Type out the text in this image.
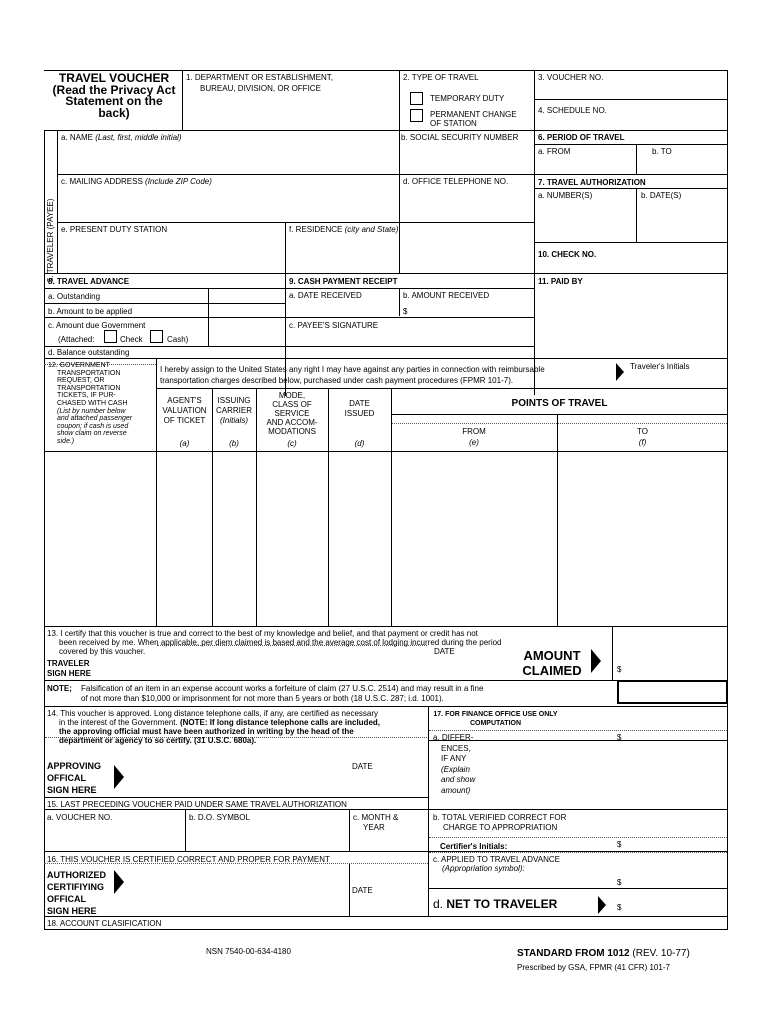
TRAVEL VOUCHER
(Read the Privacy Act
Statement on the
back)
1. DEPARTMENT OR ESTABLISHMENT,
BUREAU, DIVISION, OR OFFICE
2. TYPE OF TRAVEL
TEMPORARY DUTY
PERMANENT CHANGE
OF STATION
3. VOUCHER NO.
4. SCHEDULE NO.
5. TRAVELER (PAYEE)
a. NAME (Last, first, middle initial)	b. SOCIAL SECURITY NUMBER
c. MAILING ADDRESS (Include ZIP Code)	d. OFFICE TELEPHONE NO.
e. PRESENT DUTY STATION	f. RESIDENCE (city and State)
6. PERIOD OF TRAVEL
a. FROM	b. TO
7. TRAVEL AUTHORIZATION
a. NUMBER(S)	b. DATE(S)
10. CHECK NO.
8. TRAVEL ADVANCE
a. Outstanding
b. Amount to be applied
c. Amount due Government
(Attached:	Check	Cash)
d. Balance outstanding
9. CASH PAYMENT RECEIPT
a. DATE RECEIVED	b. AMOUNT RECEIVED
$
c. PAYEE'S SIGNATURE
11. PAID BY
12. GOVERNMENT
TRANSPORTATION
REQUEST, OR
TRANSPORTATION
TICKETS, IF PUR-
CHASED WITH CASH
(List by number below
and attached passenger
coupon; if cash is used
show claim on reverse
side.)
I hereby assign to the United States any right I may have against any parties in connection with reimbursable
transportation charges described below, purchased under cash payment procedures (FPMR 101-7).
Traveler's Initials
AGENT'S
VALUATION
OF TICKET
(a)
ISSUING
CARRIER
(Initials)
(b)
MODE,
CLASS OF
SERVICE
AND ACCOM-
MODATIONS
(c)
DATE
ISSUED
(d)
POINTS OF TRAVEL
FROM
(e)
TO
(f)
13. I certify that this voucher is true and correct to the best of my knowledge and belief, and that payment or credit has not
been received by me. When applicable, per diem claimed is based and the average cost of lodging incurred during the period
covered by this voucher.	DATE
TRAVELER
SIGN HERE
AMOUNT
CLAIMED	$
NOTE; Falsification of an item in an expense account works a forfeiture of claim (27 U.S.C. 2514) and may result in a fine
of not more than $10,000 or imprisonment for not more than 5 years or both (18 U.S.C. 287; i.d. 1001).
14. This voucher is approved. Long distance telephone calls, if any, are certified as necessary
in the interest of the Government. (NOTE: If long distance telephone calls are included,
the approving official must have been authorized in writing by the head of the
department or agency to so certify. (31 U.S.C. 680a).
APPROVING
OFFICAL
SIGN HERE
DATE
17. FOR FINANCE OFFICE USE ONLY
COMPUTATION
a. DIFFER-
ENCES,
IF ANY
(Explain
and show
amount)
$
b. TOTAL VERIFIED CORRECT FOR
CHARGE TO APPROPRIATION
Certifier's Initials:	$
c. APPLIED TO TRAVEL ADVANCE
(Appropriation symbol):
$
d. NET TO TRAVELER	$
15. LAST PRECEDING VOUCHER PAID UNDER SAME TRAVEL AUTHORIZATION
a. VOUCHER NO.	b. D.O. SYMBOL	c. MONTH &
YEAR
16. THIS VOUCHER IS CERTIFIED CORRECT AND PROPER FOR PAYMENT
AUTHORIZED
CERTIFIYING
OFFICAL
SIGN HERE
DATE
18. ACCOUNT CLASIFICATION
NSN 7540-00-634-4180	STANDARD FROM 1012 (REV. 10-77)
Prescribed by GSA, FPMR (41 CFR) 101-7
